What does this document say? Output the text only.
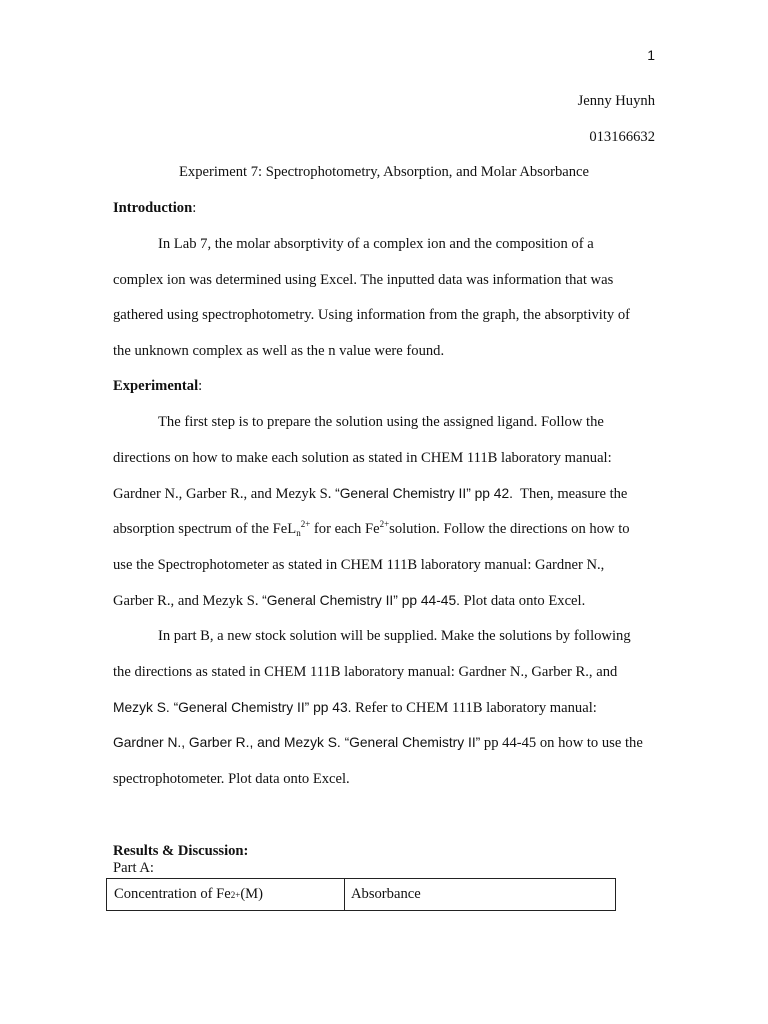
1
Jenny Huynh
013166632
Experiment 7: Spectrophotometry, Absorption, and Molar Absorbance
Introduction:
In Lab 7, the molar absorptivity of a complex ion and the composition of a
complex ion was determined using Excel. The inputted data was information that was
gathered using spectrophotometry. Using information from the graph, the absorptivity of
the unknown complex as well as the n value were found.
Experimental:
The first step is to prepare the solution using the assigned ligand. Follow the
directions on how to make each solution as stated in CHEM 111B laboratory manual:
Gardner N., Garber R., and Mezyk S. “General Chemistry II” pp 42.  Then, measure the
absorption spectrum of the FeL$_n^{2+}$ for each $Fe^{2+}solution$. Follow the directions on how to
use the Spectrophotometer as stated in CHEM 111B laboratory manual: Gardner N.,
Garber R., and Mezyk S. “General Chemistry II” pp 44-45. Plot data onto Excel.
In part B, a new stock solution will be supplied. Make the solutions by following
the directions as stated in CHEM 111B laboratory manual: Gardner N., Garber R., and
Mezyk S. “General Chemistry II” pp 43. Refer to CHEM 111B laboratory manual:
Gardner N., Garber R., and Mezyk S. “General Chemistry II” pp 44-45 on how to use the
spectrophotometer. Plot data onto Excel.
Results & Discussion:
Part A:
Concentration of Fe 2+ (M)	Absorbance
